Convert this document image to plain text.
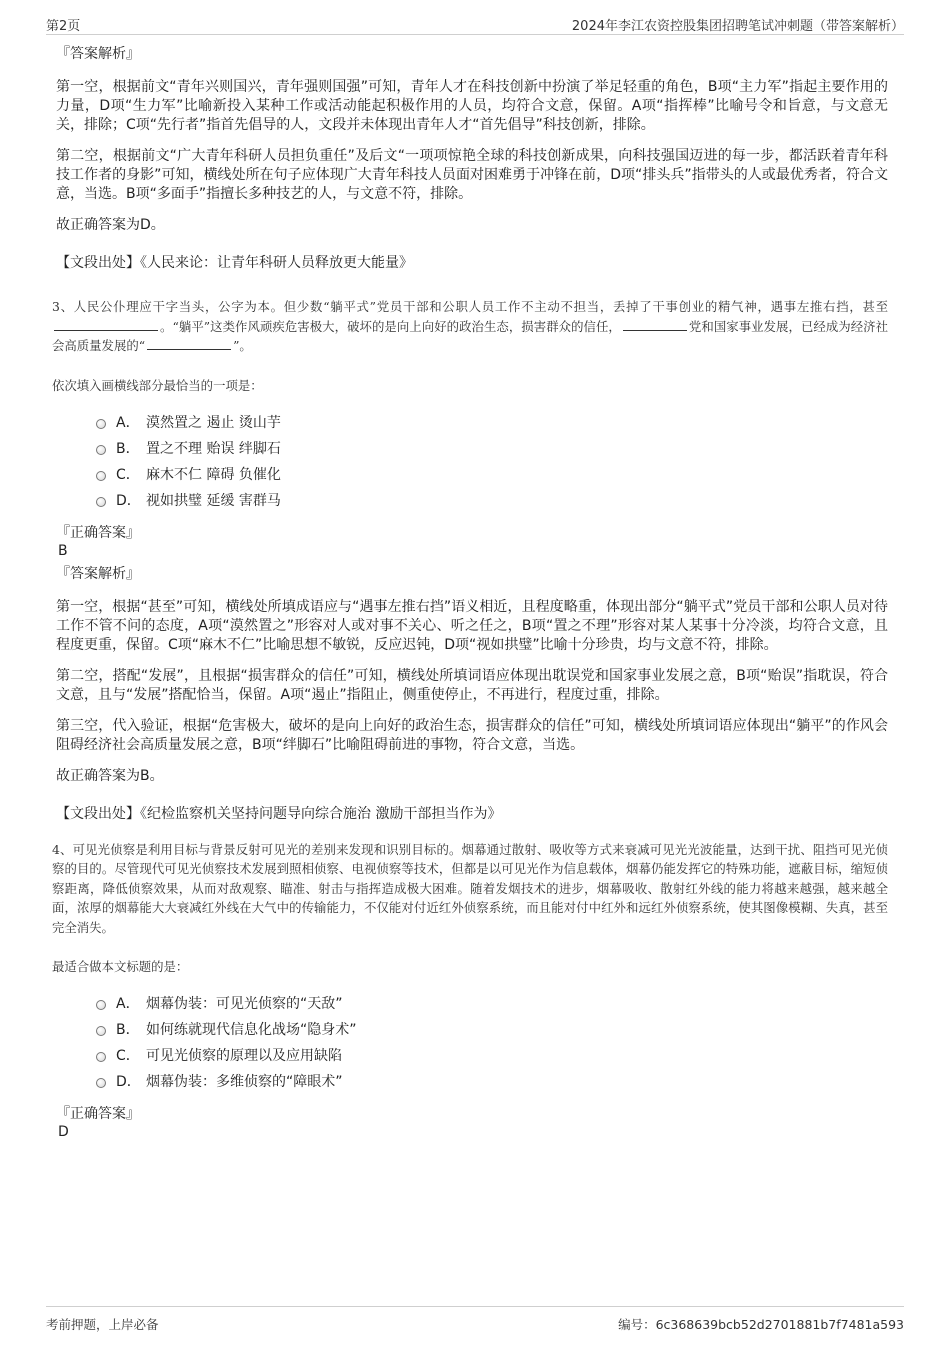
第2页	2024年李江农资控股集团招聘笔试冲刺题（带答案解析）
『答案解析』

第一空，根据前文“青年兴则国兴，青年强则国强”可知，青年人才在科技创新中扮演了举足轻重的角色，B项“主力军”指起主要作用的力量，D项“生力军”比喻新投入某种工作或活动能起积极作用的人员，均符合文意，保留。A项“指挥棒”比喻号令和旨意，与文意无关，排除；C项“先行者”指首先倡导的人，文段并未体现出青年人才“首先倡导”科技创新，排除。

第二空，根据前文“广大青年科研人员担负重任”及后文“一项项惊艳全球的科技创新成果，向科技强国迈进的每一步，都活跃着青年科技工作者的身影”可知，横线处所在句子应体现广大青年科技人员面对困难勇于冲锋在前，D项“排头兵”指带头的人或最优秀者，符合文意，当选。B项“多面手”指擅长多种技艺的人，与文意不符，排除。

故正确答案为D。

【文段出处】《人民来论：让青年科研人员释放更大能量》
3、人民公仆理应干字当头，公字为本。但少数“躺平式”党员干部和公职人员工作不主动不担当，丢掉了干事创业的精气神，遇事左推右挡，甚至。“躺平”这类作风顽疾危害极大，破坏的是向上向好的政治生态，损害群众的信任，	党和国家事业发展，已经成为经济社会高质量发展的“	”。
依次填入画横线部分最恰当的一项是：
A． 漠然置之 遏止 烫山芋
B． 置之不理 贻误 绊脚石
C． 麻木不仁 障碍 负催化
D． 视如拱璧 延缓 害群马
『正确答案』
B
『答案解析』

第一空，根据“甚至”可知，横线处所填成语应与“遇事左推右挡”语义相近，且程度略重，体现出部分“躺平式”党员干部和公职人员对待工作不管不问的态度，A项“漠然置之”形容对人或对事不关心、听之任之，B项“置之不理”形容对某人某事十分冷淡，均符合文意，且程度更重，保留。C项“麻木不仁”比喻思想不敏锐，反应迟钝，D项“视如拱璧”比喻十分珍贵，均与文意不符，排除。

第二空，搭配“发展”，且根据“损害群众的信任”可知，横线处所填词语应体现出耽误党和国家事业发展之意，B项“贻误”指耽误，符合文意，且与“发展”搭配恰当，保留。A项“遏止”指阻止，侧重使停止，不再进行，程度过重，排除。

第三空，代入验证，根据“危害极大，破坏的是向上向好的政治生态，损害群众的信任”可知，横线处所填词语应体现出“躺平”的作风会阻碍经济社会高质量发展之意，B项“绊脚石”比喻阻碍前进的事物，符合文意，当选。

故正确答案为B。

【文段出处】《纪检监察机关坚持问题导向综合施治 激励干部担当作为》
4、可见光侦察是利用目标与背景反射可见光的差别来发现和识别目标的。烟幕通过散射、吸收等方式来衰减可见光光波能量，达到干扰、阻挡可见光侦察的目的。尽管现代可见光侦察技术发展到照相侦察、电视侦察等技术，但都是以可见光作为信息载体，烟幕仍能发挥它的特殊功能，遮蔽目标，缩短侦察距离，降低侦察效果，从而对敌观察、瞄准、射击与指挥造成极大困难。随着发烟技术的进步，烟幕吸收、散射红外线的能力将越来越强，越来越全面，浓厚的烟幕能大大衰减红外线在大气中的传输能力，不仅能对付近红外侦察系统，而且能对付中红外和远红外侦察系统，使其图像模糊、失真，甚至完全消失。
最适合做本文标题的是：
A． 烟幕伪装：可见光侦察的“天敌”
B． 如何练就现代信息化战场“隐身术”
C． 可见光侦察的原理以及应用缺陷
D． 烟幕伪装：多维侦察的“障眼术”
『正确答案』
D
考前押题，上岸必备	编号：6c368639bcb52d2701881b7f7481a593
